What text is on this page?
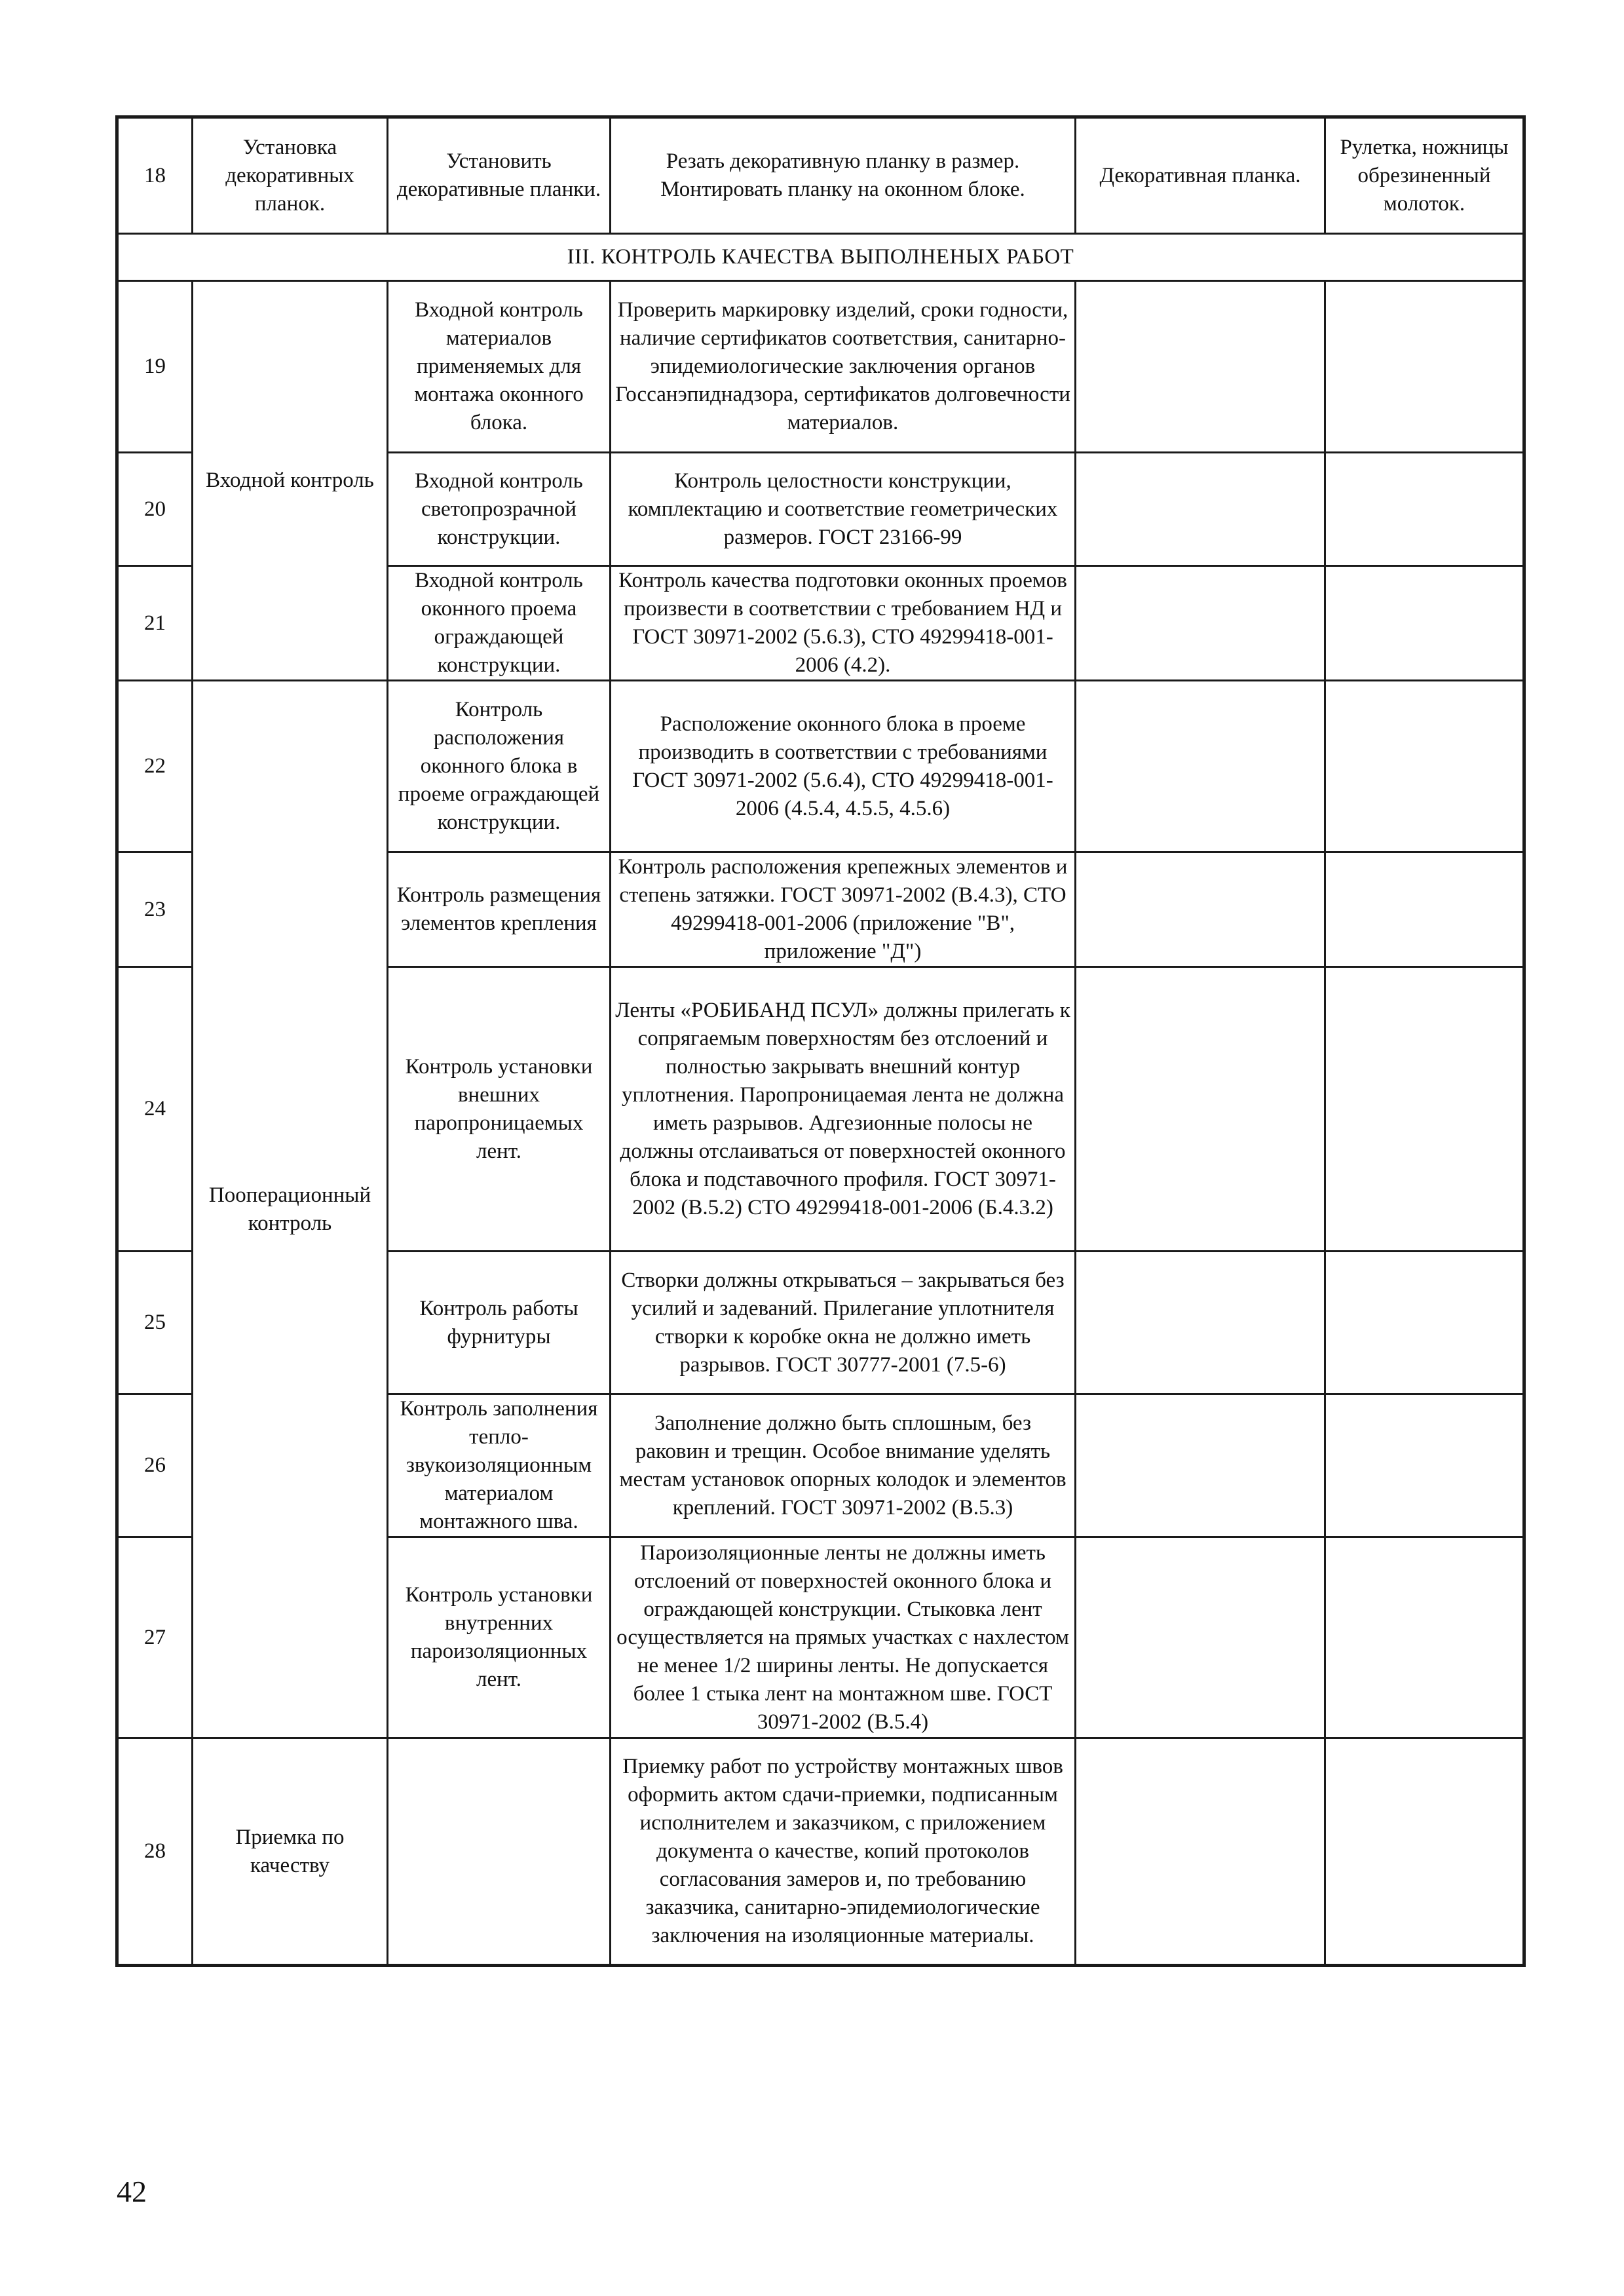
18	Установка декоративных планок.	Установить декоративные планки.	Резать декоративную планку в размер. Монтировать планку на оконном блоке.	Декоративная планка.	Рулетка, ножницы обрезиненный молоток.
III. КОНТРОЛЬ КАЧЕСТВА ВЫПОЛНЕНЫХ РАБОТ					
19	Входной контроль	Входной контроль материалов применяемых для монтажа оконного блока.	Проверить маркировку изделий, сроки годности, наличие сертификатов соответствия, санитарно-эпидемиологические заключения органов Госсанэпиднадзора, сертификатов долговечности материалов.		
20		Входной контроль светопрозрачной конструкции.	Контроль целостности конструкции, комплектацию и соответствие геометрических размеров. ГОСТ 23166-99		
21		Входной контроль оконного проема ограждающей конструкции.	Контроль качества подготовки оконных проемов произвести в соответствии с требованием НД и ГОСТ 30971-2002 (5.6.3), СТО 49299418-001-2006 (4.2).		
22	Пооперационный контроль	Контроль расположения оконного блока в проеме ограждающей конструкции.	Расположение оконного блока в проеме производить в соответствии с требованиями ГОСТ 30971-2002 (5.6.4), СТО 49299418-001-2006 (4.5.4, 4.5.5, 4.5.6)		
23		Контроль размещения элементов крепления	Контроль расположения крепежных элементов и степень затяжки. ГОСТ 30971-2002 (В.4.3), СТО 49299418-001-2006 (приложение "В", приложение "Д")		
24		Контроль установки внешних паропроницаемых лент.	Ленты «РОБИБАНД ПСУЛ» должны прилегать к сопрягаемым поверхностям без отслоений и полностью закрывать внешний контур уплотнения. Паропроницаемая лента не должна иметь разрывов. Адгезионные полосы не должны отслаиваться от поверхностей оконного блока и подставочного профиля. ГОСТ 30971-2002 (В.5.2) СТО 49299418-001-2006 (Б.4.3.2)		
25		Контроль работы фурнитуры	Створки должны открываться – закрываться без усилий и задеваний. Прилегание уплотнителя створки к коробке окна не должно иметь разрывов. ГОСТ 30777-2001 (7.5-6)		
26		Контроль заполнения тепло-звукоизоляционным материалом монтажного шва.	Заполнение должно быть сплошным, без раковин и трещин. Особое внимание уделять местам установок опорных колодок и элементов креплений. ГОСТ 30971-2002 (В.5.3)		
27		Контроль установки внутренних пароизоляционных лент.	Пароизоляционные ленты не должны иметь отслоений от поверхностей оконного блока и ограждающей конструкции. Стыковка лент осуществляется на прямых участках с нахлестом не менее 1/2 ширины ленты. Не допускается более 1 стыка лент на монтажном шве. ГОСТ 30971-2002 (В.5.4)		
28	Приемка по качеству		Приемку работ по устройству монтажных швов оформить актом сдачи-приемки, подписанным исполнителем и заказчиком, с приложением документа о качестве, копий протоколов согласования замеров и, по требованию заказчика, санитарно-эпидемиологические заключения на изоляционные материалы.		
42
